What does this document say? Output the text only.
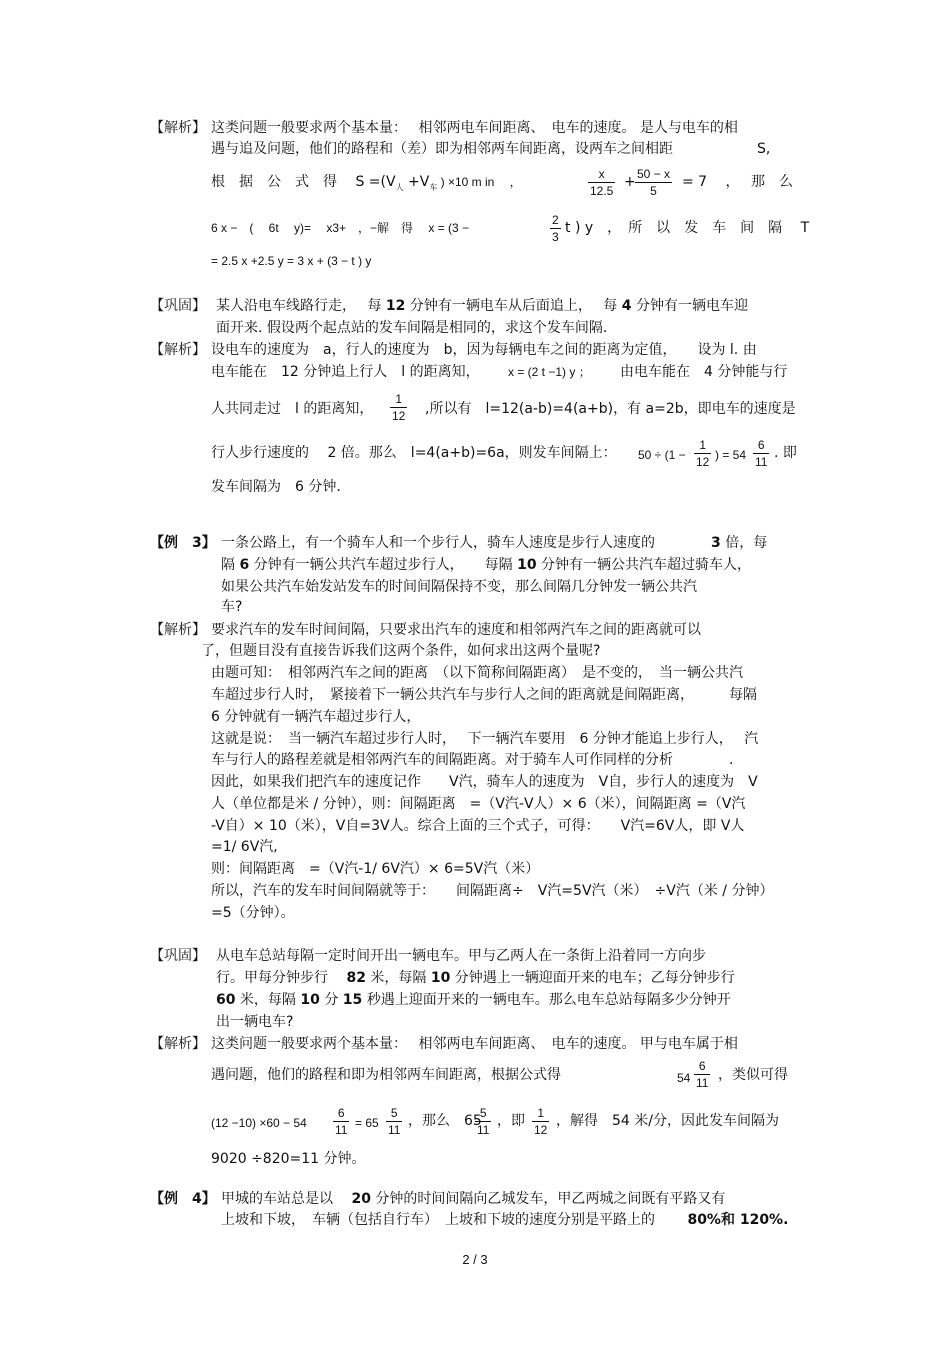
【解析】 这类问题一般要求两个基本量：　 相邻两电车间距离、　电车的速度。 是人与电车的相
遇与追及问题，他们的路程和（差）即为相邻两车间距离，设两车之间相距　　　　　　S,
根　据　公　式　得　 $S =(V_人 +V_车$ ) ×10 m in　 ，	$\frac{x}{12.5} + \frac{50 - x}{5} = 7$　 ，　 那　么
6 x −　(　 6t　 y)=　 x3+　，−解　得　 x = (3 −	$\frac{2}{3}$ t ) y　，　所　以　发　车　间　隔　 T
= 2.5 x +2.5 y = 3 x + (3 − t ) y
【巩固】 某人沿电车线路行走，　 每 12 分钟有一辆电车从后面追上，　 每 4 分钟有一辆电车迎
面开来. 假设两个起点站的发车间隔是相同的，求这个发车间隔.
【解析】 设电车的速度为　a，行人的速度为　b，因为每辆电车之间的距离为定值，　　设为 l. 由
电车能在　12 分钟追上行人　l 的距离知， x = (2 t −1) y ； 由电车能在　4 分钟能与行
人共同走过　l 的距离知， $\frac{1}{12}$ ,所以有　l=12(a-b)=4(a+b)，有 a=2b，即电车的速度是
行人步行速度的　 2 倍。那么　l=4(a+b)=6a，则发车间隔上： $50 \div (1 - \frac{1}{12}$ ) = $54 \frac{6}{11}$ . 即
发车间隔为　6 分钟.
【例　3】 一条公路上，有一个骑车人和一个步行人，骑车人速度是步行人速度的　　　　3 倍，每
隔 6 分钟有一辆公共汽车超过步行人，　　每隔 10 分钟有一辆公共汽车超过骑车人，
如果公共汽车始发站发车的时间间隔保持不变，那么间隔几分钟发一辆公共汽
车?
【解析】 要求汽车的发车时间间隔，只要求出汽车的速度和相邻两汽车之间的距离就可以
了，但题目没有直接告诉我们这两个条件，如何求出这两个量呢?
由题可知：　相邻两汽车之间的距离　（以下简称间隔距离）　是不变的，　当一辆公共汽
车超过步行人时，　紧接着下一辆公共汽车与步行人之间的距离就是间隔距离，　　　每隔
6 分钟就有一辆汽车超过步行人，
这就是说：　当一辆汽车超过步行人时，　 下一辆汽车要用　6 分钟才能追上步行人，　 汽
车与行人的路程差就是相邻两汽车的间隔距离。对于骑车人可作同样的分析　　　　.
因此，如果我们把汽车的速度记作　　V汽，骑车人的速度为　V自，步行人的速度为　V
人（单位都是米 / 分钟），则：间隔距离　=（V汽-V人）× 6（米），间隔距离 =（V汽
-V自）× 10（米），V自=3V人。综合上面的三个式子，可得：　　V汽=6V人，即 V人
=1/ 6V汽,
则：间隔距离　=（V汽-1/ 6V汽）× 6=5V汽（米）
所以，汽车的发车时间间隔就等于：　　间隔距离÷　V汽=5V汽（米）　÷V汽（米 / 分钟）
=5（分钟）。
【巩固】 从电车总站每隔一定时间开出一辆电车。甲与乙两人在一条街上沿着同一方向步
行。甲每分钟步行　 82 米，每隔 10 分钟遇上一辆迎面开来的电车；乙每分钟步行
60 米，每隔 10 分 15 秒遇上迎面开来的一辆电车。那么电车总站每隔多少分钟开
出一辆电车?
【解析】 这类问题一般要求两个基本量：　 相邻两电车间距离、　电车的速度。 甲与电车属于相
遇问题，他们的路程和即为相邻两车间距离，根据公式得	$54 \frac{6}{11}$ ，类似可得
$(12 -10) \times 60 - 54 \frac{6}{11} = 65 \frac{5}{11}$ ，那么　65
$\frac{5}{11}$ ，即 $\frac{1}{12}$ ，解得　54 米/分，因此发车间隔为
9020 ÷820=11 分钟。
【例　4】 甲城的车站总是以　 20 分钟的时间间隔向乙城发车，甲乙两城之间既有平路又有
上坡和下坡，　车辆（包括自行车）　上坡和下坡的速度分别是平路上的　　 80%和 120%.
2 / 3
